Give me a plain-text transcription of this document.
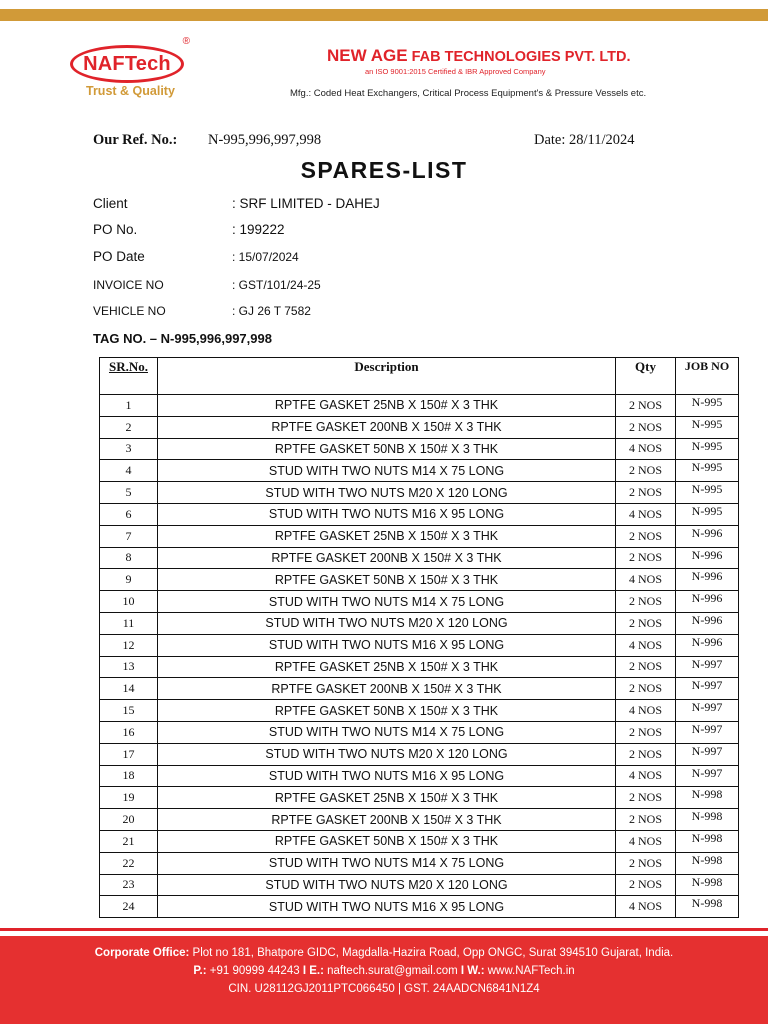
NAFTech
®
Trust & Quality
NEW AGE FAB TECHNOLOGIES PVT. LTD.
an ISO 9001:2015 Certified & IBR Approved Company
Mfg.: Coded Heat Exchangers, Critical Process Equipment's & Pressure Vessels etc.
Our Ref. No.: N-995,996,997,998	Date: 28/11/2024
SPARES-LIST
Client	: SRF LIMITED - DAHEJ
PO No.	: 199222
PO Date	: 15/07/2024
INVOICE NO	: GST/101/24-25
VEHICLE NO	: GJ 26 T 7582
TAG NO. – N-995,996,997,998
SR.No.	Description	Qty	JOB NO
1	RPTFE GASKET 25NB X 150# X 3 THK	2 NOS	N-995
2	RPTFE GASKET 200NB X 150# X 3 THK	2 NOS	N-995
3	RPTFE GASKET 50NB X 150# X 3 THK	4 NOS	N-995
4	STUD WITH TWO NUTS M14 X 75 LONG	2 NOS	N-995
5	STUD WITH TWO NUTS M20 X 120 LONG	2 NOS	N-995
6	STUD WITH TWO NUTS M16 X 95 LONG	4 NOS	N-995
7	RPTFE GASKET 25NB X 150# X 3 THK	2 NOS	N-996
8	RPTFE GASKET 200NB X 150# X 3 THK	2 NOS	N-996
9	RPTFE GASKET 50NB X 150# X 3 THK	4 NOS	N-996
10	STUD WITH TWO NUTS M14 X 75 LONG	2 NOS	N-996
11	STUD WITH TWO NUTS M20 X 120 LONG	2 NOS	N-996
12	STUD WITH TWO NUTS M16 X 95 LONG	4 NOS	N-996
13	RPTFE GASKET 25NB X 150# X 3 THK	2 NOS	N-997
14	RPTFE GASKET 200NB X 150# X 3 THK	2 NOS	N-997
15	RPTFE GASKET 50NB X 150# X 3 THK	4 NOS	N-997
16	STUD WITH TWO NUTS M14 X 75 LONG	2 NOS	N-997
17	STUD WITH TWO NUTS M20 X 120 LONG	2 NOS	N-997
18	STUD WITH TWO NUTS M16 X 95 LONG	4 NOS	N-997
19	RPTFE GASKET 25NB X 150# X 3 THK	2 NOS	N-998
20	RPTFE GASKET 200NB X 150# X 3 THK	2 NOS	N-998
21	RPTFE GASKET 50NB X 150# X 3 THK	4 NOS	N-998
22	STUD WITH TWO NUTS M14 X 75 LONG	2 NOS	N-998
23	STUD WITH TWO NUTS M20 X 120 LONG	2 NOS	N-998
24	STUD WITH TWO NUTS M16 X 95 LONG	4 NOS	N-998
Corporate Office: Plot no 181, Bhatpore GIDC, Magdalla-Hazira Road, Opp ONGC, Surat 394510 Gujarat, India.
P.: +91 90999 44243 I E.: naftech.surat@gmail.com I W.: www.NAFTech.in
CIN. U28112GJ2011PTC066450 | GST. 24AADCN6841N1Z4
